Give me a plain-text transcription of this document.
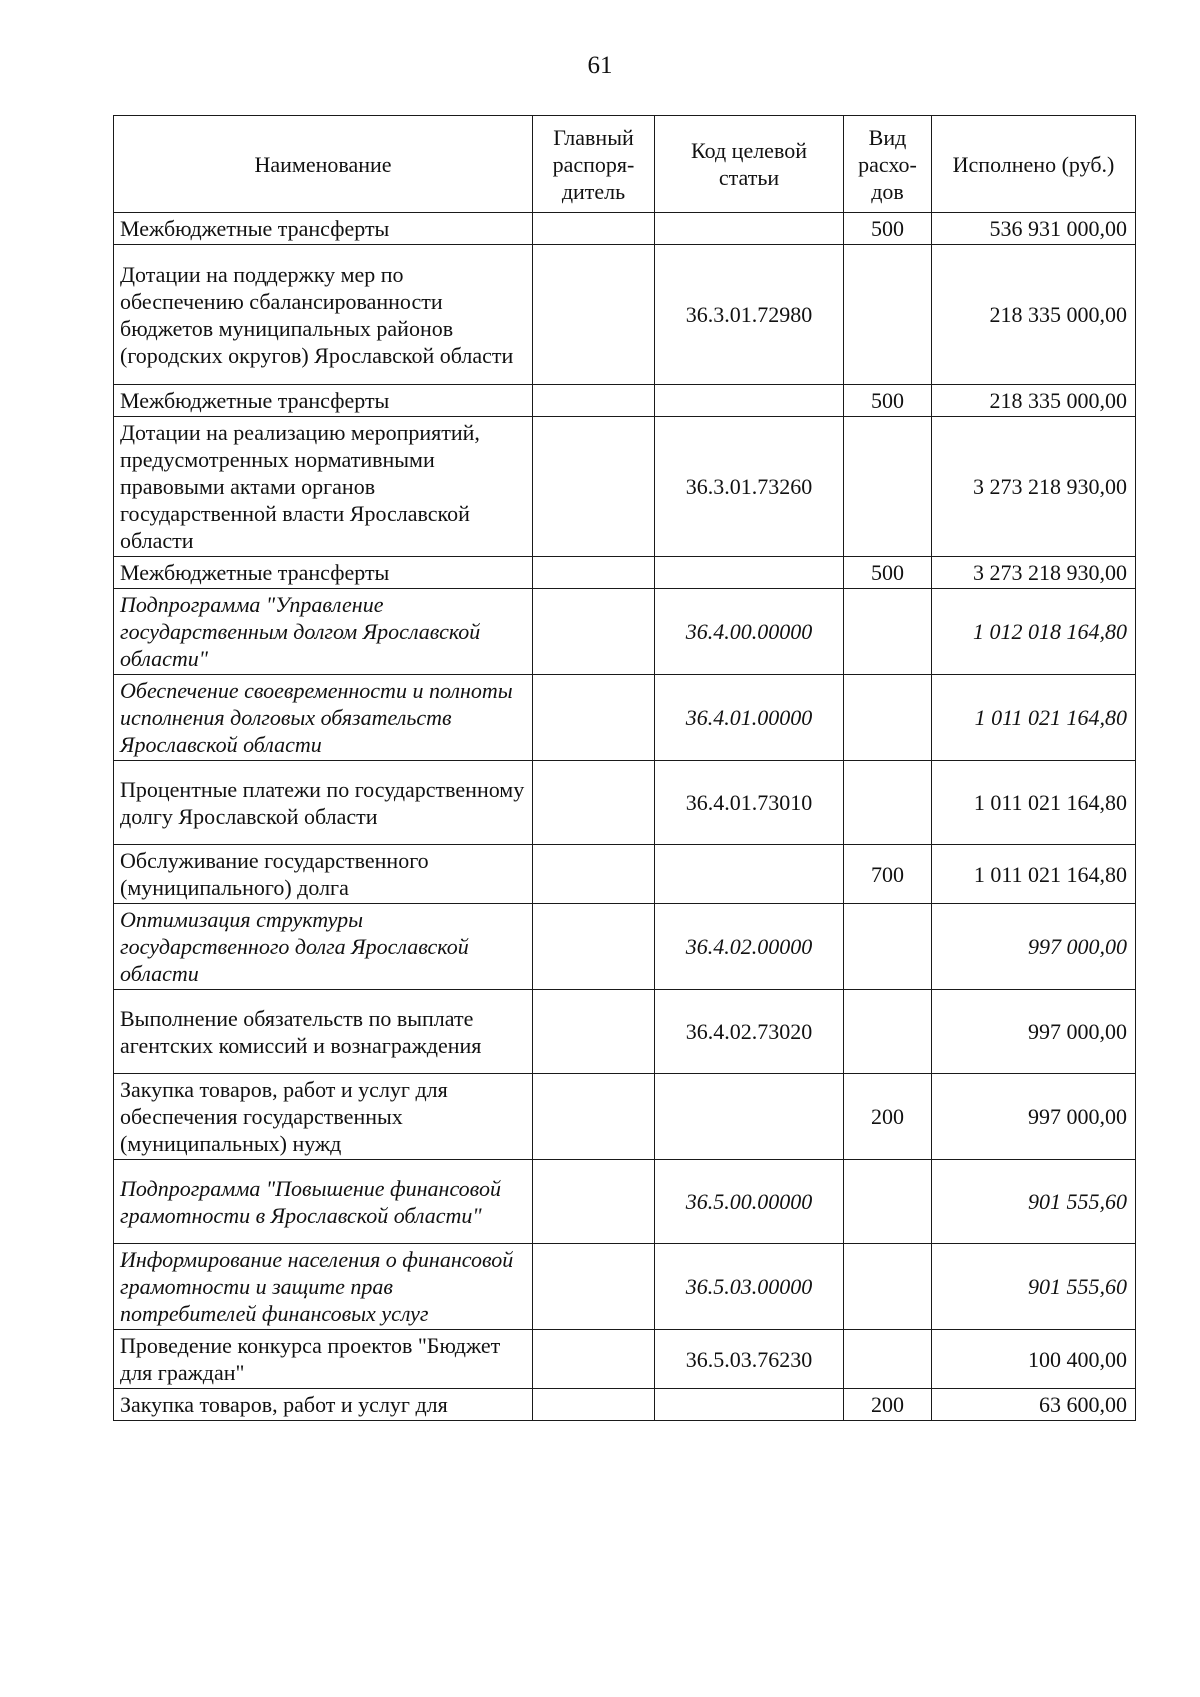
61
Наименование	Главный распоря-дитель	Код целевой статьи	Вид расхо-дов	Исполнено (руб.)
Межбюджетные трансферты			500	536 931 000,00
Дотации на поддержку мер по обеспечению сбалансированности бюджетов муниципальных районов (городских округов) Ярославской области		36.3.01.72980		218 335 000,00
Межбюджетные трансферты			500	218 335 000,00
Дотации на реализацию мероприятий, предусмотренных нормативными правовыми актами органов государственной власти Ярославской области		36.3.01.73260		3 273 218 930,00
Межбюджетные трансферты			500	3 273 218 930,00
Подпрограмма "Управление государственным долгом Ярославской области"		36.4.00.00000		1 012 018 164,80
Обеспечение своевременности и полноты исполнения долговых обязательств Ярославской области		36.4.01.00000		1 011 021 164,80
Процентные платежи по государственному долгу Ярославской области		36.4.01.73010		1 011 021 164,80
Обслуживание государственного (муниципального) долга			700	1 011 021 164,80
Оптимизация структуры государственного долга Ярославской области		36.4.02.00000		997 000,00
Выполнение обязательств по выплате агентских комиссий и вознаграждения		36.4.02.73020		997 000,00
Закупка товаров, работ и услуг для обеспечения государственных (муниципальных) нужд			200	997 000,00
Подпрограмма "Повышение финансовой грамотности в Ярославской области"		36.5.00.00000		901 555,60
Информирование населения о финансовой грамотности и защите прав потребителей финансовых услуг		36.5.03.00000		901 555,60
Проведение конкурса проектов "Бюджет для граждан"		36.5.03.76230		100 400,00
Закупка товаров, работ и услуг для			200	63 600,00
